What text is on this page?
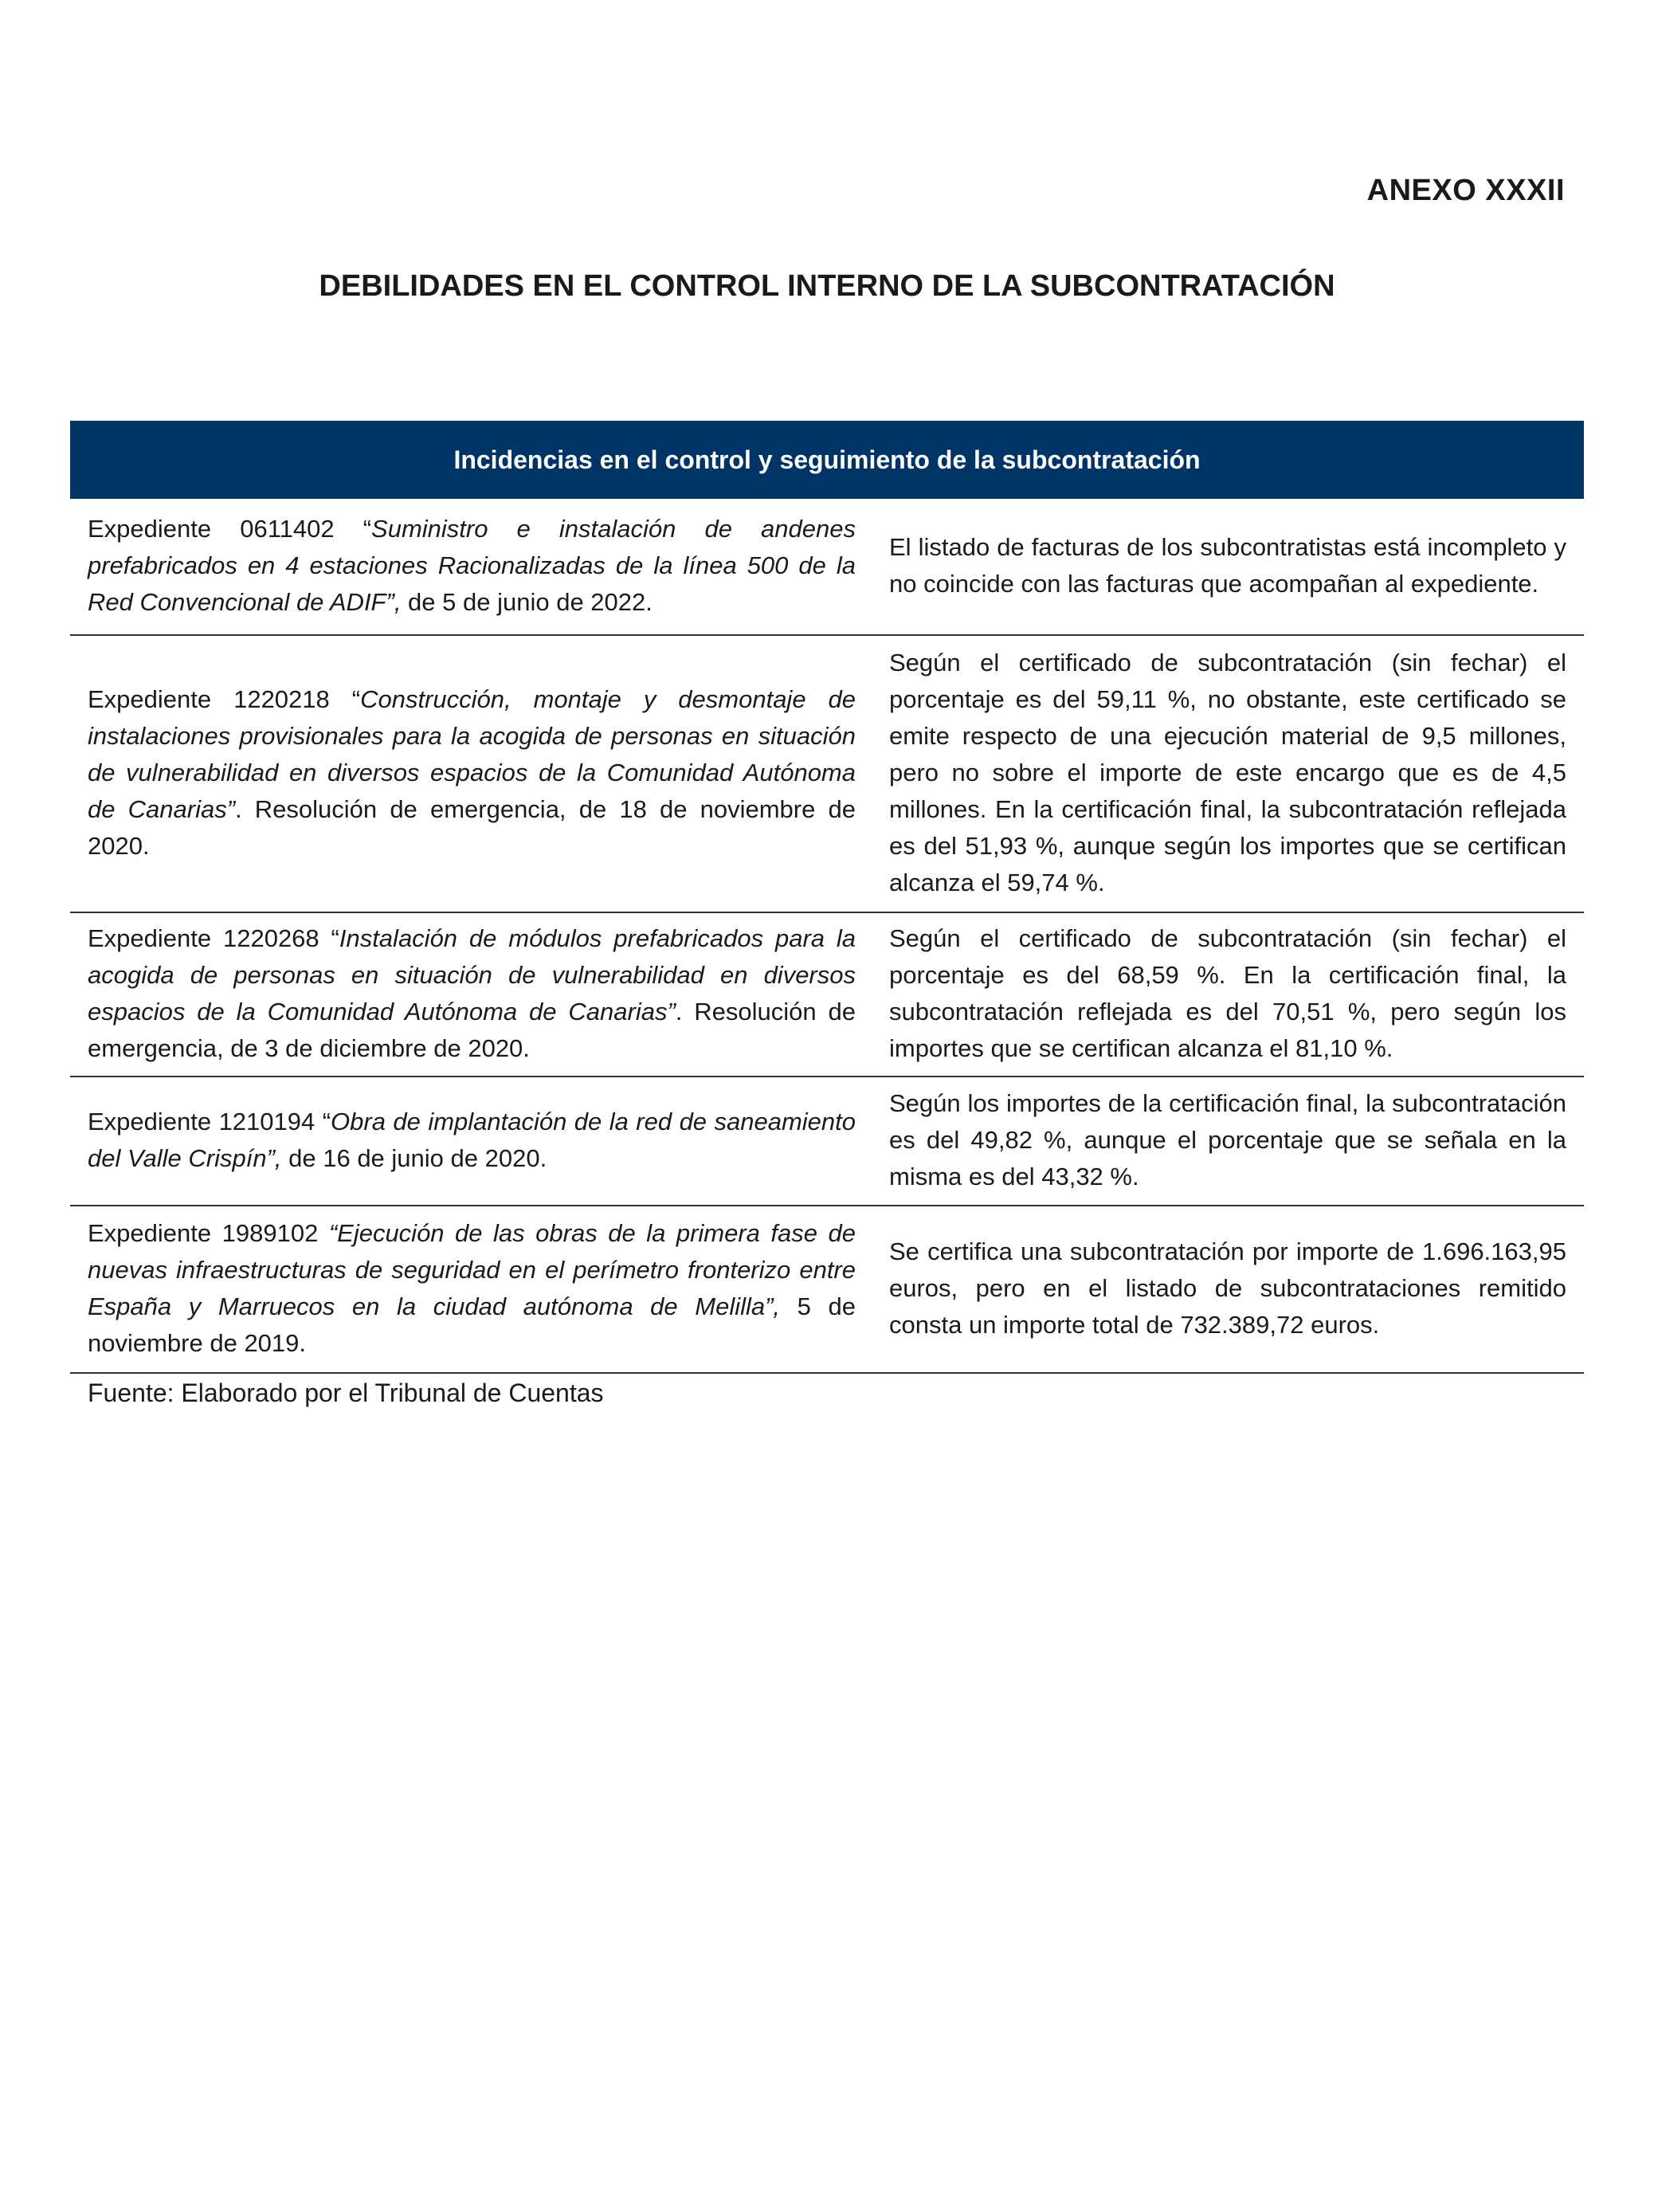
ANEXO XXXII
DEBILIDADES EN EL CONTROL INTERNO DE LA SUBCONTRATACIÓN
Incidencias en el control y seguimiento de la subcontratación
Expediente 0611402 “Suministro e instalación de andenes prefabricados en 4 estaciones Racionalizadas de la línea 500 de la Red Convencional de ADIF”, de 5 de junio de 2022.
El listado de facturas de los subcontratistas está incompleto y no coincide con las facturas que acompañan al expediente.
Expediente 1220218 “Construcción, montaje y desmontaje de instalaciones provisionales para la acogida de personas en situación de vulnerabilidad en diversos espacios de la Comunidad Autónoma de Canarias”. Resolución de emergencia, de 18 de noviembre de 2020.
Según el certificado de subcontratación (sin fechar) el porcentaje es del 59,11 %, no obstante, este certificado se emite respecto de una ejecución material de 9,5 millones, pero no sobre el importe de este encargo que es de 4,5 millones. En la certificación final, la subcontratación reflejada es del 51,93 %, aunque según los importes que se certifican alcanza el 59,74 %.
Expediente 1220268 “Instalación de módulos prefabricados para la acogida de personas en situación de vulnerabilidad en diversos espacios de la Comunidad Autónoma de Canarias”. Resolución de emergencia, de 3 de diciembre de 2020.
Según el certificado de subcontratación (sin fechar) el porcentaje es del 68,59 %. En la certificación final, la subcontratación reflejada es del 70,51 %, pero según los importes que se certifican alcanza el 81,10 %.
Expediente 1210194 “Obra de implantación de la red de saneamiento del Valle Crispín”, de 16 de junio de 2020.
Según los importes de la certificación final, la subcontratación es del 49,82 %, aunque el porcentaje que se señala en la misma es del 43,32 %.
Expediente 1989102 “Ejecución de las obras de la primera fase de nuevas infraestructuras de seguridad en el perímetro fronterizo entre España y Marruecos en la ciudad autónoma de Melilla”, 5 de noviembre de 2019.
Se certifica una subcontratación por importe de 1.696.163,95 euros, pero en el listado de subcontrataciones remitido consta un importe total de 732.389,72 euros.
Fuente: Elaborado por el Tribunal de Cuentas
